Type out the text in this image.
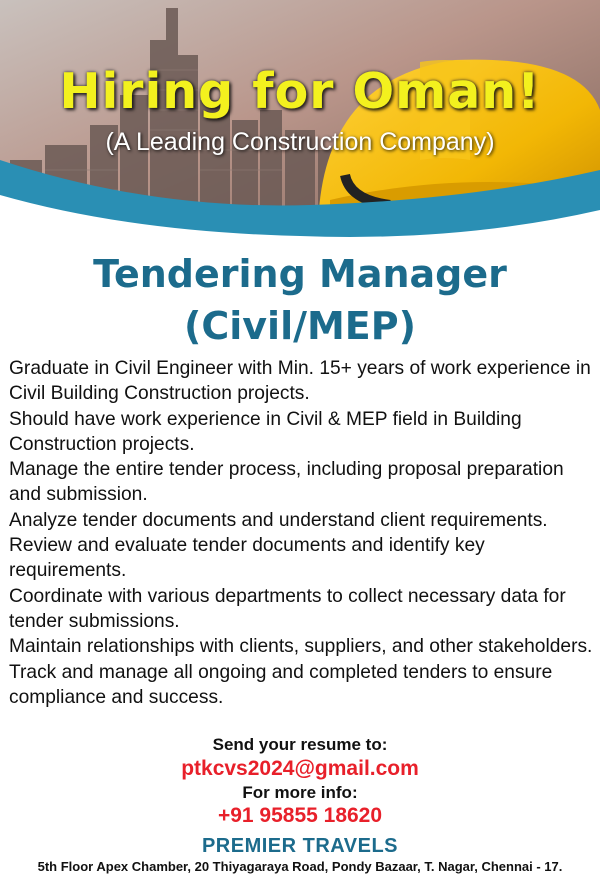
Hiring for Oman!
(A Leading Construction Company)
Tendering Manager
(Civil/MEP)
Graduate in Civil Engineer with Min. 15+ years of work experience in Civil Building Construction projects.
Should have work experience in Civil & MEP field in Building Construction projects.
Manage the entire tender process, including proposal preparation and submission.
Analyze tender documents and understand client requirements.
Review and evaluate tender documents and identify key requirements.
Coordinate with various departments to collect necessary data for tender submissions.
Maintain relationships with clients, suppliers, and other stakeholders.
Track and manage all ongoing and completed tenders to ensure compliance and success.
Send your resume to:
ptkcvs2024@gmail.com
For more info:
+91 95855 18620
PREMIER TRAVELS
5th Floor Apex Chamber, 20 Thiyagaraya Road, Pondy Bazaar, T. Nagar, Chennai - 17.
